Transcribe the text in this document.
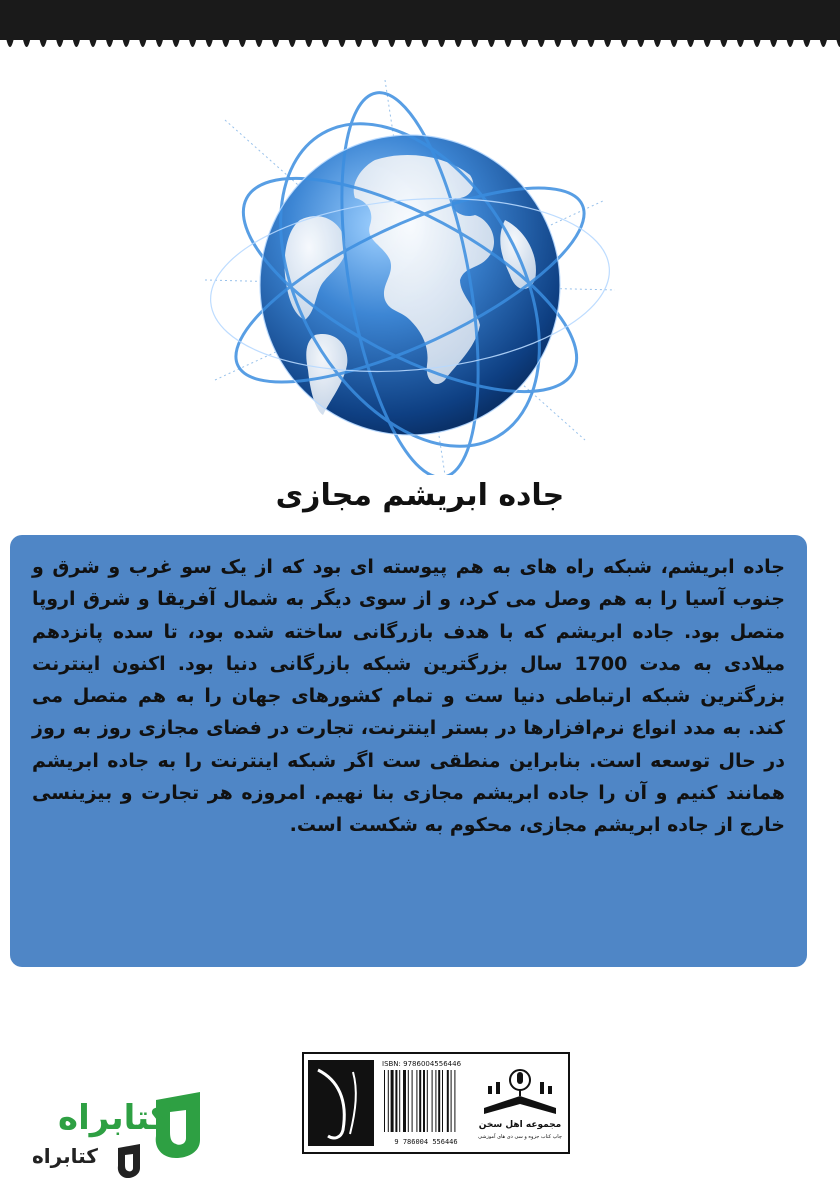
جاده ابریشم مجازی

جاده ابریشم، شبکه راه های به هم پیوسته ای بود که از یک سو غرب و شرق و جنوب آسیا را به هم وصل می کرد، و از سوی دیگر به شمال آفریقا و شرق اروپا متصل بود. جاده ابریشم که با هدف بازرگانی ساخته شده بود، تا سده پانزدهم میلادی به مدت 1700 سال بزرگترین شبکه بازرگانی دنیا بود. اکنون اینترنت بزرگترین شبکه ارتباطی دنیا ست و تمام کشورهای جهان را به هم متصل می کند. به مدد انواع نرم‌افزارها در بستر اینترنت، تجارت در فضای مجازی روز به روز در حال توسعه است. بنابراین منطقی ست اگر شبکه اینترنت را به جاده ابریشم همانند کنیم و آن را جاده ابریشم مجازی بنا نهیم. امروزه هر تجارت و بیزینسی خارج از جاده ابریشم مجازی، محکوم به شکست است.

ISBN: 9786004556446
9 786004 556446
مجموعه اهل سخن
چاپ کتاب جزوه و سی دی های آموزشی
کتابراه
کتابراه
